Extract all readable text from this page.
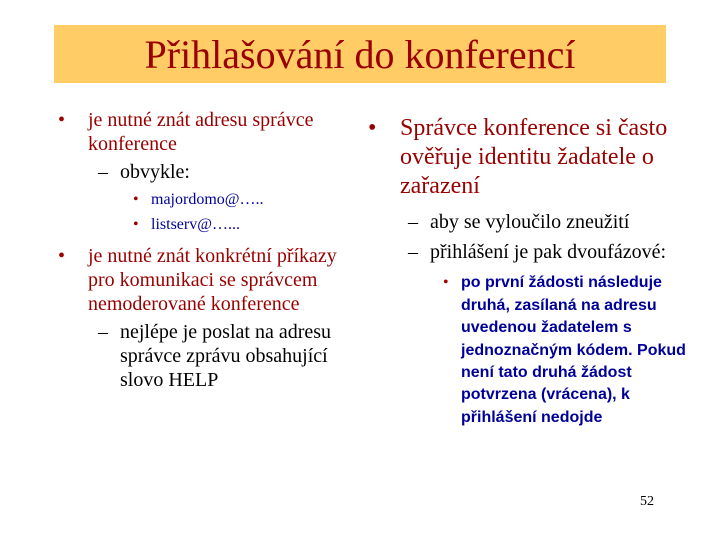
Přihlašování do konferencí
• je nutné znát adresu správce konference
– obvykle:
• majordomo@…..
• listserv@…...
• je nutné znát konkrétní příkazy pro komunikaci se správcem nemoderované konference
– nejlépe je poslat na adresu správce zprávu obsahující slovo HELP
• Správce konference si často ověřuje identitu žadatele o zařazení
– aby se vyloučilo zneužití
– přihlášení je pak dvoufázové:
• po první žádosti následuje druhá, zasílaná na adresu uvedenou žadatelem s jednoznačným kódem. Pokud není tato druhá žádost potvrzena (vrácena), k přihlášení nedojde
52
